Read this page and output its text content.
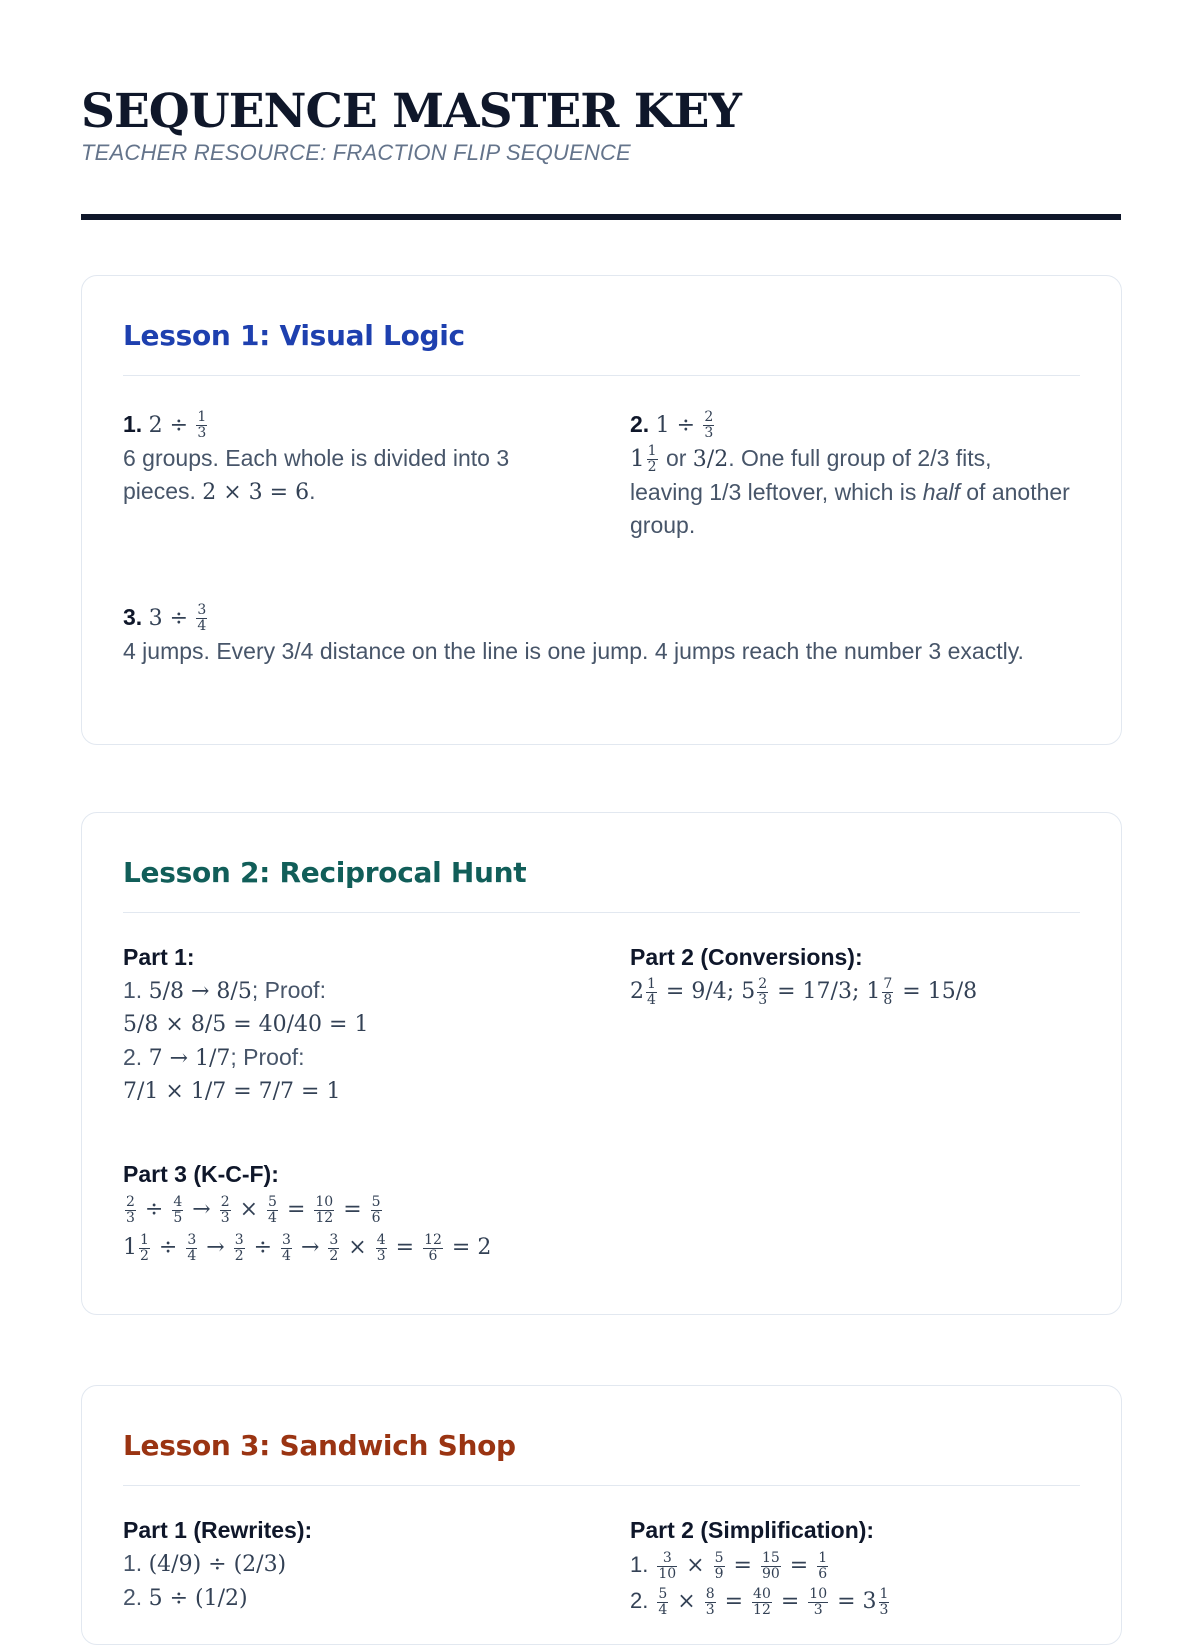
SEQUENCE MASTER KEY
TEACHER RESOURCE: FRACTION FLIP SEQUENCE
Lesson 1: Visual Logic
1. $2 \div \frac{1}{3}$
6 groups. Each whole is divided into 3 pieces. 2 × 3 = 6.
2. $1 \div \frac{2}{3}$
$1 \frac{1}{2}$ or 3/2. One full group of 2/3 fits, leaving 1/3 leftover, which is half of another group.
3. $3 \div \frac{3}{4}$
4 jumps. Every 3/4 distance on the line is one jump. 4 jumps reach the number 3 exactly.
Lesson 2: Reciprocal Hunt
Part 1:
1. 5/8 → 8/5; Proof:
5/8 × 8/5 = 40/40 = 1
2. 7 → 1/7; Proof:
7/1 × 1/7 = 7/7 = 1
Part 2 (Conversions):
$2 \frac{1}{4} = 9/4$; $5 \frac{2}{3} = 17/3$; $1 \frac{7}{8} = 15/8$
Part 3 (K-C-F):
$\frac{2}{3} \div \frac{4}{5} \to \frac{2}{3} \times \frac{5}{4} = \frac{10}{12} = \frac{5}{6}$
$1 \frac{1}{2} \div \frac{3}{4} \to \frac{3}{2} \div \frac{3}{4} \to \frac{3}{2} \times \frac{4}{3} = \frac{12}{6} = 2$
Lesson 3: Sandwich Shop
Part 1 (Rewrites):
1. (4/9) ÷ (2/3)
2. 5 ÷ (1/2)
Part 2 (Simplification):
1. $\frac{3}{10} \times \frac{5}{9} = \frac{15}{90} = \frac{1}{6}$
2. $\frac{5}{4} \times \frac{8}{3} = \frac{40}{12} = \frac{10}{3} = 3 \frac{1}{3}$
